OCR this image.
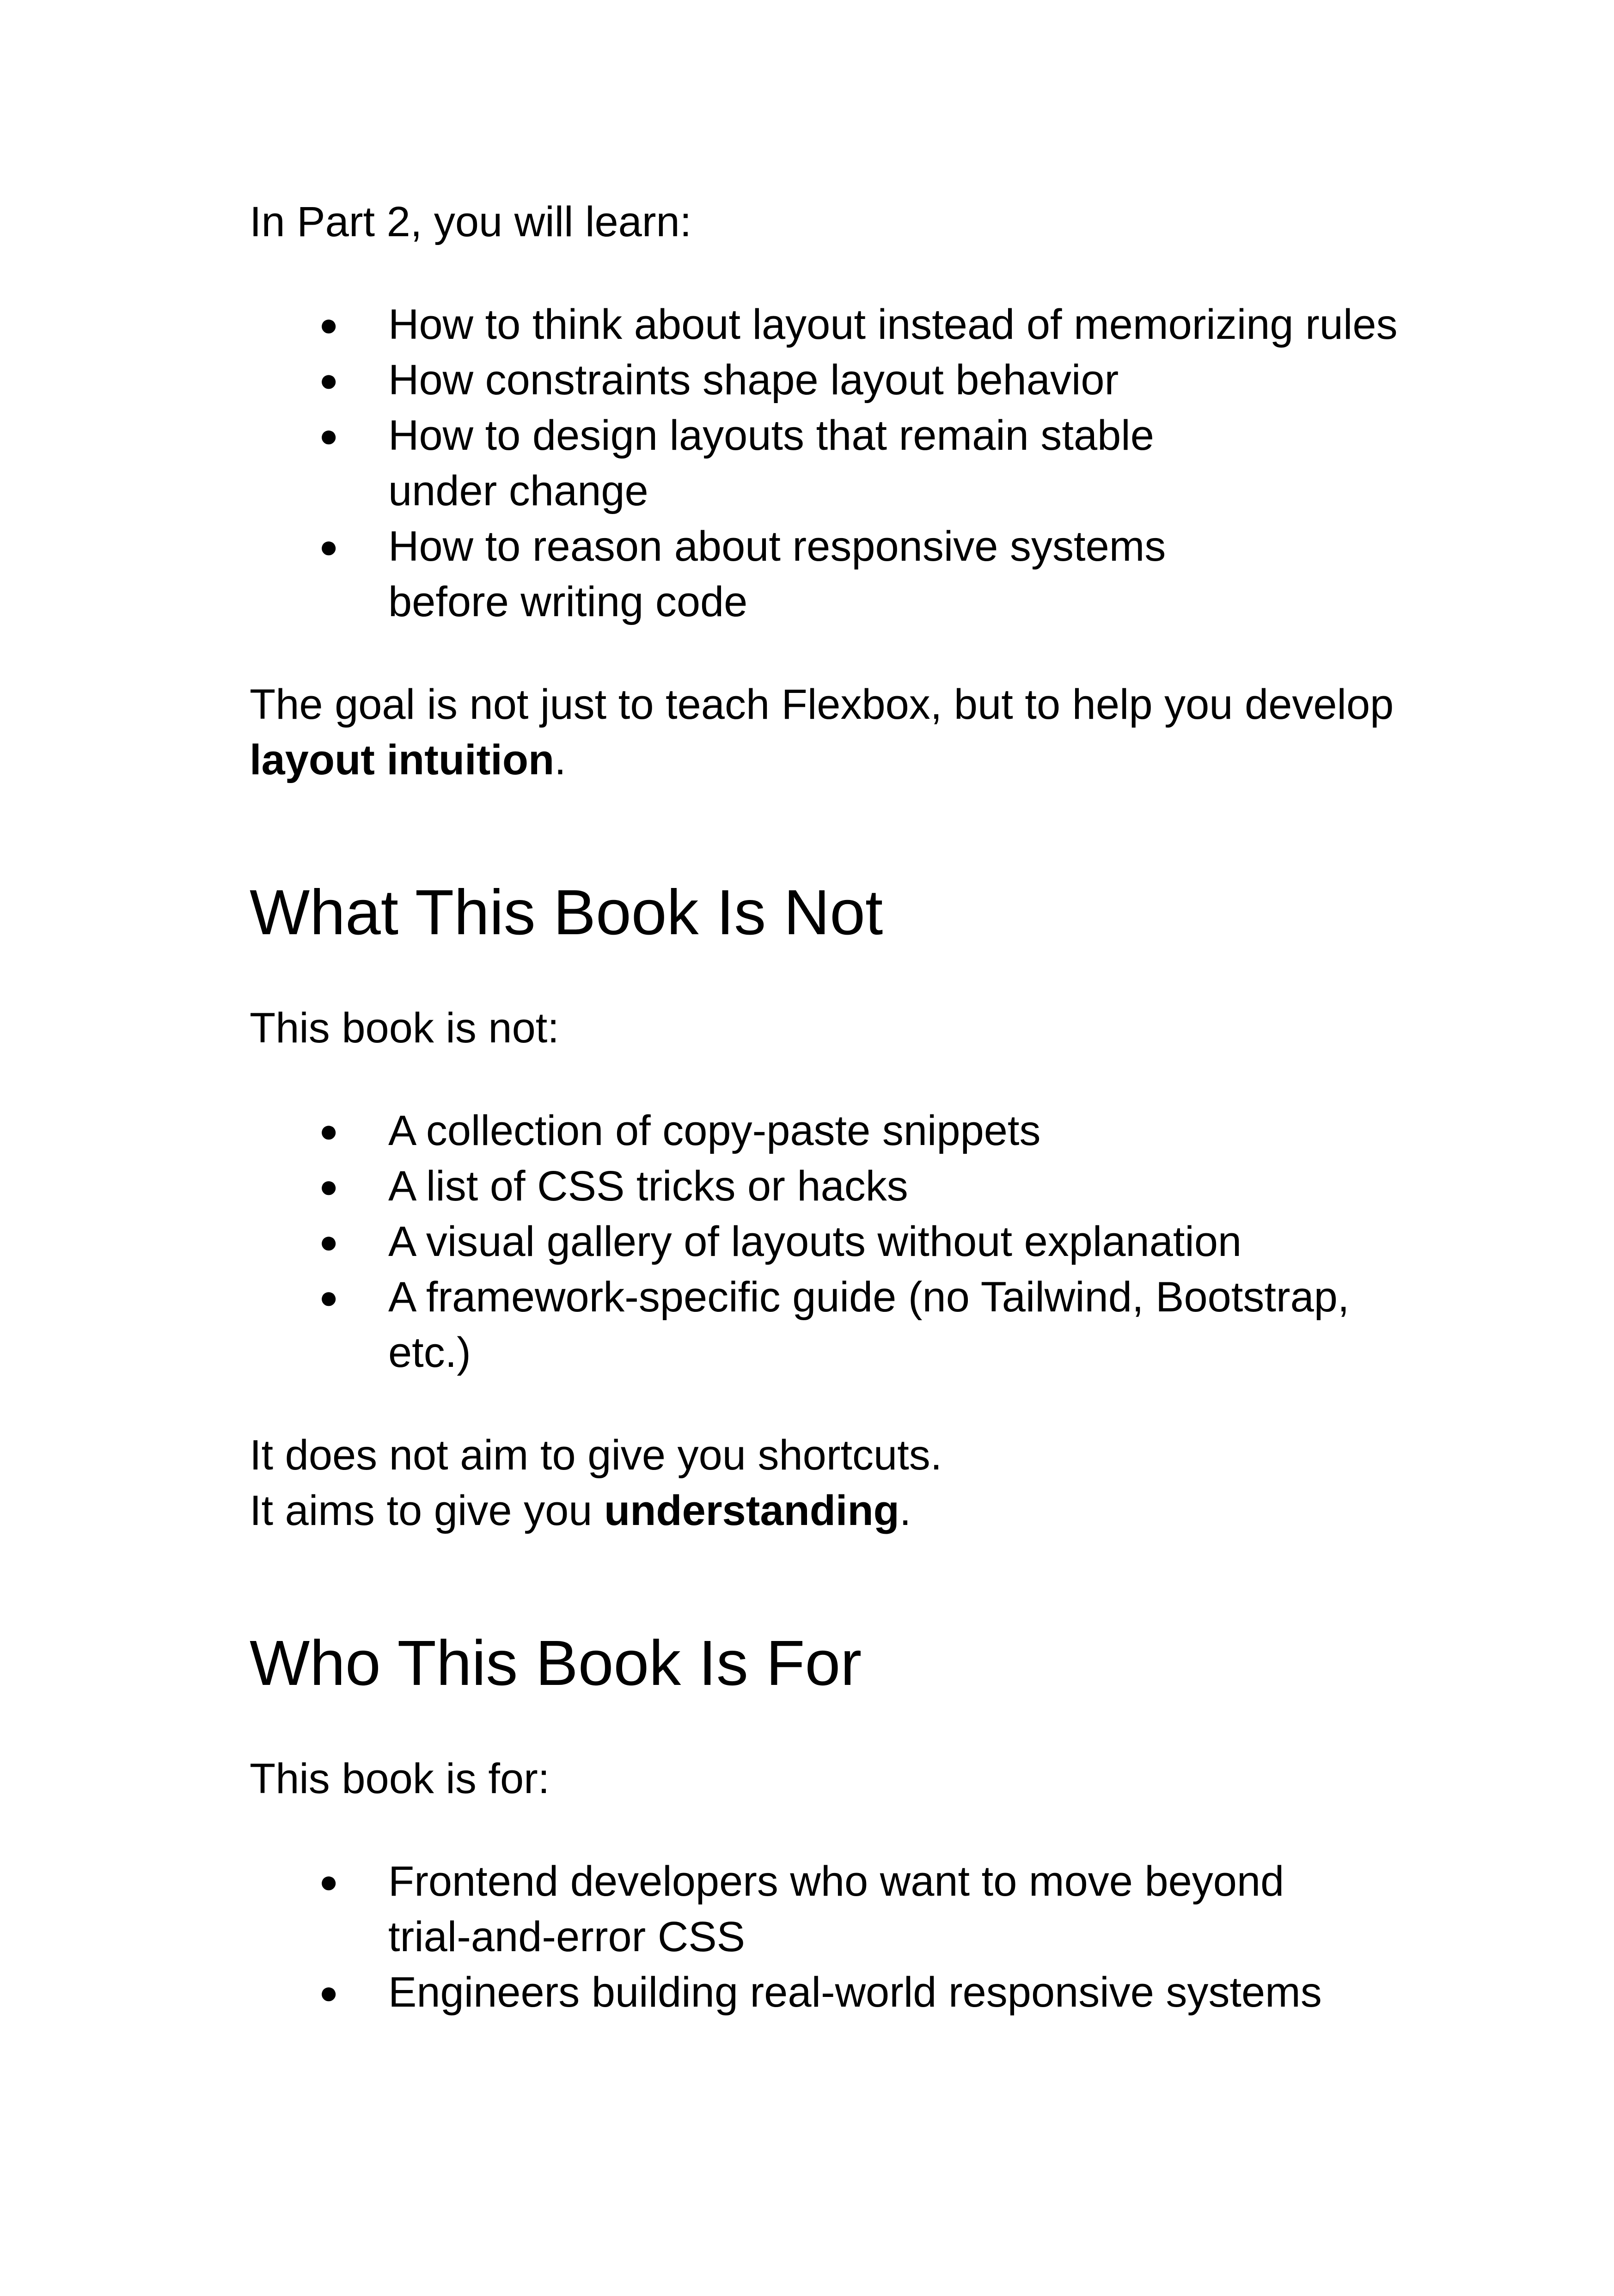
In Part 2, you will learn:

● How to think about layout instead of memorizing rules
● How constraints shape layout behavior
● How to design layouts that remain stable under change
● How to reason about responsive systems before writing code

The goal is not just to teach Flexbox, but to help you develop layout intuition.

What This Book Is Not

This book is not:

● A collection of copy-paste snippets
● A list of CSS tricks or hacks
● A visual gallery of layouts without explanation
● A framework-specific guide (no Tailwind, Bootstrap, etc.)

It does not aim to give you shortcuts.

It aims to give you understanding.

Who This Book Is For

This book is for:

● Frontend developers who want to move beyond trial-and-error CSS
● Engineers building real-world responsive systems
